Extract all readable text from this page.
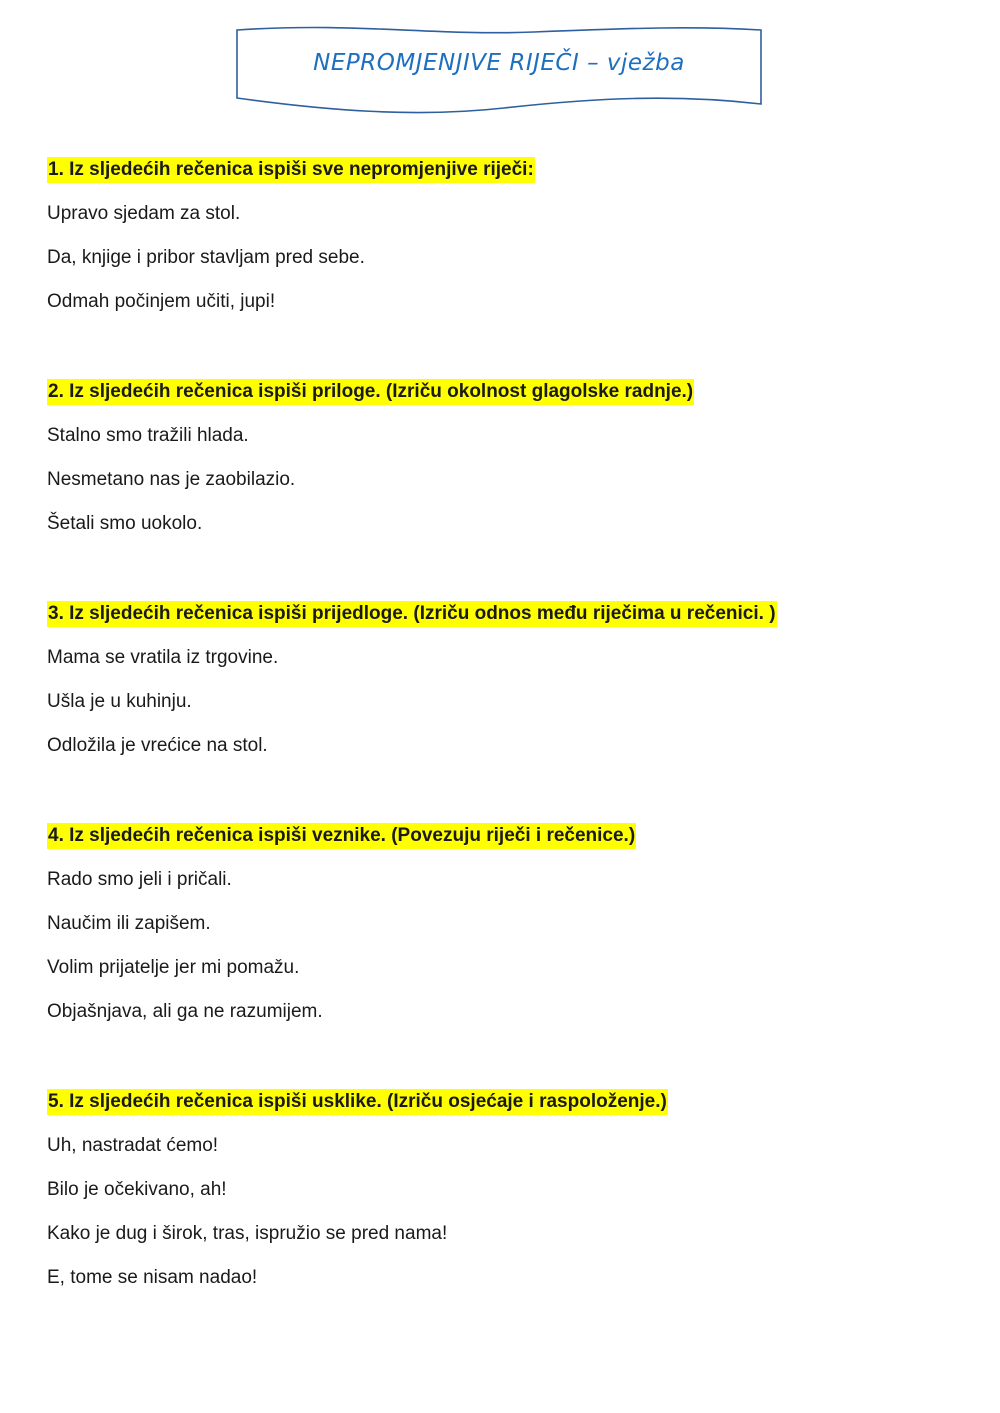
NEPROMJENJIVE RIJEČI – vježba
1. Iz sljedećih rečenica ispiši sve nepromjenjive riječi:
Upravo sjedam za stol.
Da, knjige i pribor stavljam pred sebe.
Odmah počinjem učiti, jupi!
2. Iz sljedećih rečenica ispiši priloge. (Izriču okolnost glagolske radnje.)
Stalno smo tražili hlada.
Nesmetano nas je zaobilazio.
Šetali smo uokolo.
3. Iz sljedećih rečenica ispiši prijedloge. (Izriču odnos među riječima u rečenici. )
Mama se vratila iz trgovine.
Ušla je u kuhinju.
Odložila je vrećice na stol.
4. Iz sljedećih rečenica ispiši veznike. (Povezuju riječi i rečenice.)
Rado smo jeli i pričali.
Naučim ili zapišem.
Volim prijatelje jer mi pomažu.
Objašnjava, ali ga ne razumijem.
5. Iz sljedećih rečenica ispiši usklike. (Izriču osjećaje i raspoloženje.)
Uh, nastradat ćemo!
Bilo je očekivano, ah!
Kako je dug i širok, tras, ispružio se pred nama!
E, tome se nisam nadao!
